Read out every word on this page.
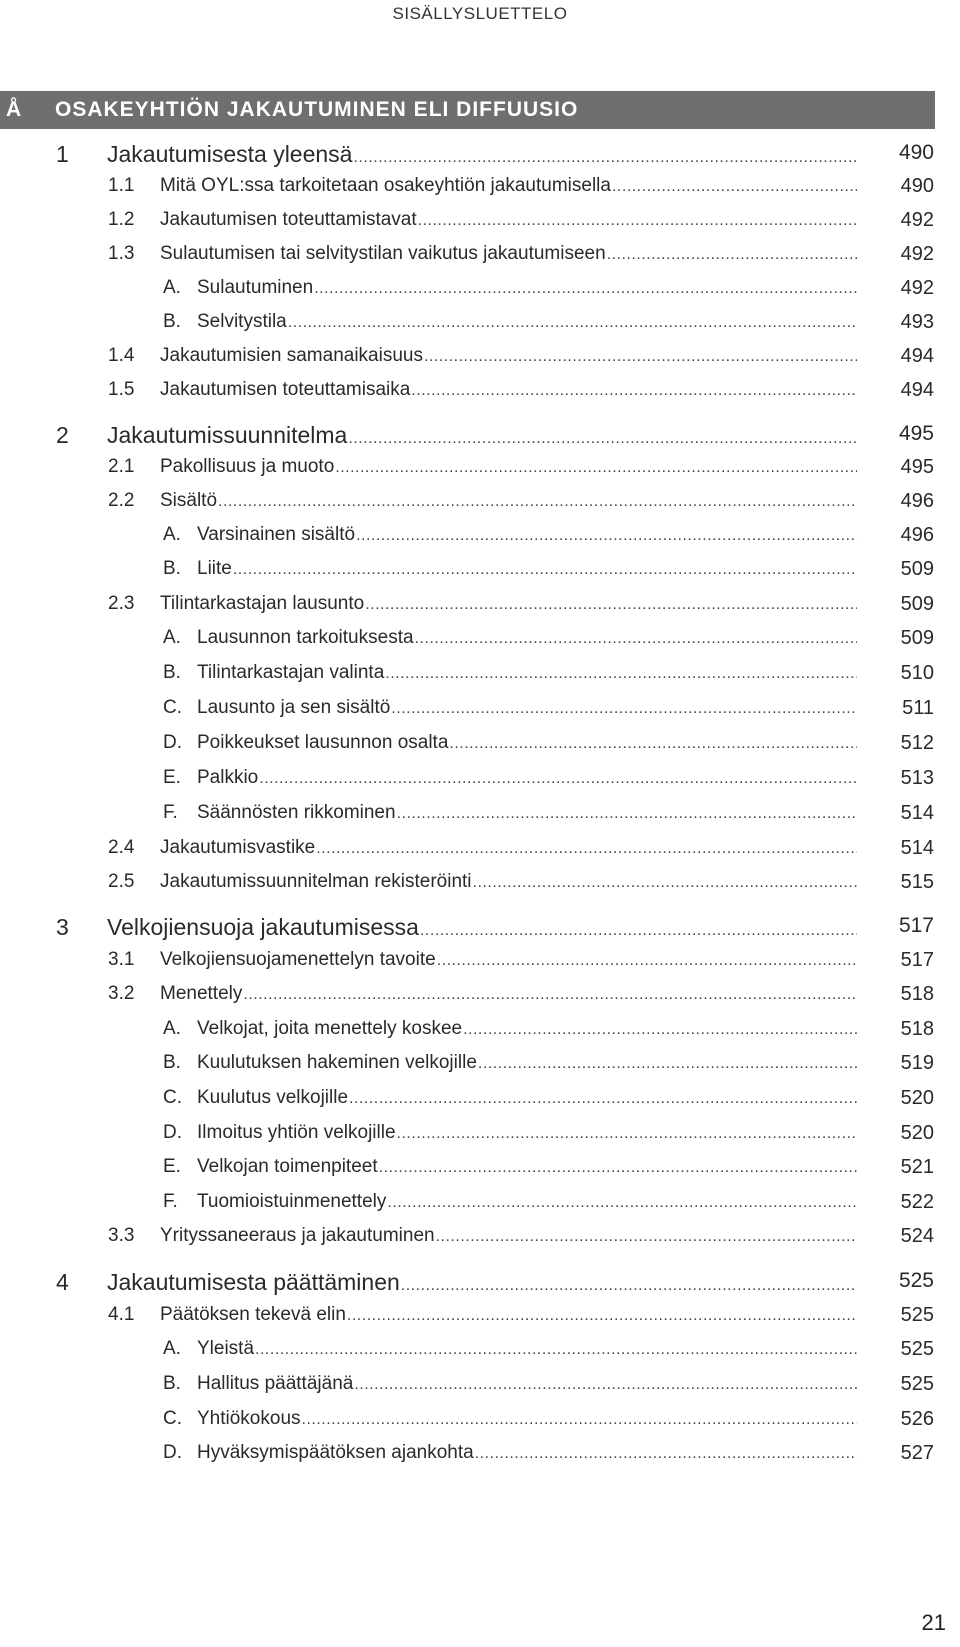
SISÄLLYSLUETTELO
Å OSAKEYHTIÖN JAKAUTUMINEN ELI DIFFUUSIO
1 Jakautumisesta yleensä .....	490
1.1 Mitä OYL:ssa tarkoitetaan osakeyhtiön jakautumisella .....	490
1.2 Jakautumisen toteuttamistavat .....	492
1.3 Sulautumisen tai selvitystilan vaikutus jakautumiseen .....	492
A. Sulautuminen .....	492
B. Selvitystila .....	493
1.4 Jakautumisien samanaikaisuus .....	494
1.5 Jakautumisen toteuttamisaika .....	494
2 Jakautumissuunnitelma .....	495
2.1 Pakollisuus ja muoto .....	495
2.2 Sisältö .....	496
A. Varsinainen sisältö .....	496
B. Liite .....	509
2.3 Tilintarkastajan lausunto .....	509
A. Lausunnon tarkoituksesta .....	509
B. Tilintarkastajan valinta .....	510
C. Lausunto ja sen sisältö .....	511
D. Poikkeukset lausunnon osalta .....	512
E. Palkkio .....	513
F. Säännösten rikkominen .....	514
2.4 Jakautumisvastike .....	514
2.5 Jakautumissuunnitelman rekisteröinti .....	515
3 Velkojiensuoja jakautumisessa .....	517
3.1 Velkojiensuojamenettelyn tavoite .....	517
3.2 Menettely .....	518
A. Velkojat, joita menettely koskee .....	518
B. Kuulutuksen hakeminen velkojille .....	519
C. Kuulutus velkojille .....	520
D. Ilmoitus yhtiön velkojille .....	520
E. Velkojan toimenpiteet .....	521
F. Tuomioistuinmenettely .....	522
3.3 Yrityssaneeraus ja jakautuminen .....	524
4 Jakautumisesta päättäminen .....	525
4.1 Päätöksen tekevä elin .....	525
A. Yleistä .....	525
B. Hallitus päättäjänä .....	525
C. Yhtiökokous .....	526
D. Hyväksymispäätöksen ajankohta .....	527
21
